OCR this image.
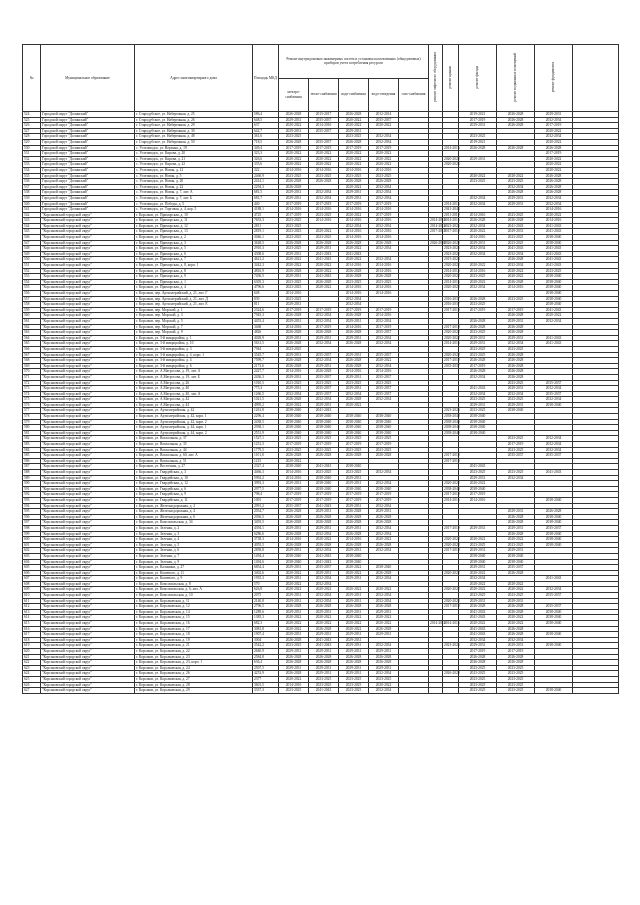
№	Муниципальное образование	Адрес многоквартирного дома	Площадь МКД	Ремонт внутридомовых инженерных систем и установка коллективных (общедомовых) приборов учета потребления ресурсов					ремонт лифтового оборудования	ремонт крыши	ремонт фасада	ремонт подвальных помещений	ремонт фундамента	
				электро-снабжения	тепло-снабжения	водо-снабжения	водо-отведения	газо-снабжения						
524	Городской округ "Долинский"	г. Стародубское, ул. Набережная, д. 25	586,4	2026-2028	2015-2017	2026-2028	2012-2014				2019-2021	2026-2028	2029-2031	
525	Городской округ "Долинский"	г. Стародубское, ул. Набережная, д. 26	648,5	2029-2031	2035-2037	2020-2022	2035-2037				2017-2019	2026-2028	2032-2034	
526	Городской округ "Долинский"	г. Стародубское, ул. Набережная, д. 29	637	2020-2022	2014-2016	2020-2022	2020-2022				2029-2031	2026-2028	2017-2019	
527	Городской округ "Долинский"	г. Стародубское, ул. Набережная, д. 30	642,7	2029-2031	2035-2037	2029-2031							2020-2022	
528	Городской округ "Долинский"	г. Стародубское, ул. Набережная, д. 48	361,6	2023-2025		2023-2025	2032-2034				2023-2025		2032-2034	
529	Городской округ "Долинский"	г. Стародубское, ул. Набережная, д. 50	718,5	2026-2028	2035-2037	2026-2028	2032-2034				2019-2021		2020-2022	
530	Городской округ "Долинский"	с. Углезаводск, ул. Верхняя, д. 19	349,4	2017-2019	2017-2019	2017-2019	2017-2019			2014-2016	2026-2028	2026-2028	2026-2028	
531	Городской округ "Долинский"	с. Углезаводск, ул. Кирова, д. 20	323,3	2020-2022	2020-2022	2020-2022	2020-2022						2017-2019	
532	Городской округ "Долинский"	с. Углезаводск, ул. Кирова, д. 21	326,6	2020-2022	2020-2022	2020-2022	2020-2022			2020-2022	2029-2031		2020-2022	
533	Городской округ "Долинский"	с. Углезаводск, ул. Кирова, д. 22	335,6	2020-2022	2020-2022	2020-2022	2020-2022			2020-2023			2020-2022	
534	Городской округ "Долинский"	с. Углезаводск, ул. Новая, д. 12	322	2014-2016	2014-2016	2014-2016	2014-2016						2020-2022	
535	Городской округ "Долинский"	с. Углезаводск, ул. Новая, д. 5	2460,9	2023-2025	2023-2025	2023-2025	2023-2025				2020-2022	2020-2022	2026-2028	
536	Городской округ "Долинский"	с. Углезаводск, ул. Новая, д. 20	2414,1	2026-2028	2026-2028	2026-2028	2026-2028				2023-2025	2023-2025	2026-2028	
537	Городской округ "Долинский"	с. Углезаводск, ул. Новая, д. 22	2294,3	2026-2028		2020-2022	2032-2034					2032-2034	2026-2028	
538	Городской округ "Долинский"	с. Углезаводск, ул. Новая, д. 7, лит. А	681,5	2029-2031	2032-2034	2029-2031	2032-2034					2026-2028	2026-2028	
539	Городской округ "Долинский"	с. Углезаводск, ул. Новая, д. 7, лит. Б	681,7	2029-2031	2032-2034	2029-2031	2032-2034				2032-2034	2029-2031	2032-2034	
540	Городской округ "Долинский"	с. Углезаводск, ул. Победы, д. 5	440	2017-2019	2017-2019	2017-2019	2017-2019			2014-2016	2032-2034	2029-2031	2032-2034	
541	Городской округ "Долинский"	с. Углезаводск, ул. Торговая, д. 4, кор. 5	4188,1	2014-2016	2014-2016	2014-2016	2014-2016			2041-2043			2014-2016	
542	"Корсаковский городской округ"	г. Корсаков, ул. Приморская, д. 10	4725	2017-2019	2023-2025	2020-2022	2017-2019			2011-2019	2014-2016	2023-2025	2020-2022	
543	"Корсаковский городской округ"	г. Корсаков, ул. Приморская, д. 11	7653,3	2023-2025	2014-2016	2014-2016	2014-2016		2014-2016	2014-2016	2026-2028	2026-2028	2014-2016	
544	"Корсаковский городской округ"	г. Корсаков, ул. Приморская, д. 12	2811	2023-2025		2032-2034	2032-2034		2014-2016	2023-2025	2032-2034	2041-2043	2041-2043	
545	"Корсаковский городской округ"	г. Корсаков, ул. Приморская, д. 13	2819,1	2023-2025	2020-2022	2014-2016	2014-2016		2017-2019	2017-2019	2020-2022	2029-2031	2041-2043	
546	"Корсаковский городской округ"	г. Корсаков, ул. Приморская, д. 2	3046,1	2023-2025	2023-2025	2014-2016	2014-2016				2014-2016	2023-2025	2038-2040	
547	"Корсаковский городской округ"	г. Корсаков, ул. Приморская, д. 3	3628,5	2026-2028	2026-2028	2026-2028	2026-2028		2026-2028	2026-2028	2029-2031	2023-2025	2038-2040	
548	"Корсаковский городской округ"	г. Корсаков, ул. Приморская, д. 5	2910,3	2023-2025	2029-2031	2020-2022	2032-2034			2023-2025	2032-2034	2041-2043	2041-2043	
549	"Корсаковский городской округ"	г. Корсаков, ул. Приморская, д. 6	4308,6	2029-2031	2041-2043	2041-2043				2023-2025	2032-2034	2032-2034	2041-2043	
550	"Корсаковский городской округ"	г. Корсаков, ул. Приморская, д. 7	4621,2	2020-2022	2041-2043	2020-2022	2032-2034			2015-2023		2026-2028	2041-2043	
551	"Корсаковский городской округ"	г. Корсаков, ул. Приморская, д. 8, корп. 1	3442,3	2020-2022	2020-2022	2014-2016	2014-2016			2020-2022	2020-2022	2032-2034	2041-2043	
552	"Корсаковский городской округ"	г. Корсаков, ул. Приморская, д. 8	4816,9	2026-2028	2020-2022	2026-2028	2014-2016			2014-2016	2014-2016	2020-2022	2023-2025	
553	"Корсаковский городской округ"	г. Корсаков, ул. Приморская, д. 9	7456,5	2029-2031	2041-2043	2026-2028	2026-2028			2020-2022	2023-2025	2020-2022	2038-2040	
554	"Корсаковский городской округ"	г. Корсаков, ул. Приморская, д. 1	6305,3	2023-2025	2026-2028	2023-2025	2023-2025			2014-2016	2020-2022	2026-2028	2038-2040	
555	"Корсаковский городской округ"	г. Корсаков, ул. Приморская, д. 4	4796,6	2023-2025	2020-2022	2014-2016	2014-2016			2020-2022	2032-2034	2014-2016	2038-2040	
556	"Корсаковский городской округ"	г. Корсаков, пер. Артиллерийский, д. 21, лит. Г	648	2014-2016		2014-2016	2014-2016						2038-2040	
557	"Корсаковский городской округ"	г. Корсаков, пер. Артиллерийский, д. 21, лит. Д	839	2023-2025		2032-2034				2016-2037	2026-2028	2023-2025	2038-2040	
558	"Корсаковский городской округ"	г. Корсаков, пер. Артиллерийский, д. 21, лит. Е	811	2029-2031		2032-2034				2016-2037	2023-2025		2038-2040	
559	"Корсаковский городской округ"	г. Корсаков, пер. Морской, д. 1	2324,6	2017-2019	2017-2019	2017-2019	2017-2019			2017-2019	2017-2019	2017-2019	2041-2043	
560	"Корсаковский городской округ"	г. Корсаков, пер. Морской, д. 3	7945,3	2026-2028	2032-2034	2026-2028	2014-2016					2026-2028	2020-2022	
561	"Корсаковский городской округ"	г. Корсаков, пер. Морской, д. 5	4453,4	2029-2031	2032-2034	2029-2031	2032-2034				2026-2028	2029-2031	2032-2034	
562	"Корсаковский городской округ"	г. Корсаков, пер. Морской, д. 7	3468	2014-2016	2017-2019	2014-2016	2017-2019			2017-2019	2026-2028	2026-2028		
563	"Корсаковский городской округ"	г. Корсаков, пер. Морской, д. 9	4826	2026-2028	2026-2028	2026-2028	2035-2037			2020-2022	2023-2025	2026-2028		
564	"Корсаковский городской округ"	г. Корсаков, ул. 3-й микрорайон, д. 1	4028,9	2029-2031	2029-2031	2029-2031	2032-2034			2020-2022	2029-2031	2029-2031	2041-2043	
565	"Корсаковский городской округ"	г. Корсаков, ул. 3-й микрорайон, д. 10	5631,5	2026-2028	2032-2034	2026-2028	2032-2034			2014-2016	2029-2031	2032-2034	2041-2043	
566	"Корсаковский городской округ"	г. Корсаков, ул. 3-й микрорайон, д. 3	7944	2023-2025							2023-2025	2023-2025		
567	"Корсаковский городской округ"	г. Корсаков, ул. 3-й микрорайон, д. 4, корп. 1	3545,7	2029-2031	2035-2037	2029-2031	2035-2037			2020-2022	2023-2025	2026-2028		
568	"Корсаковский городской округ"	г. Корсаков, ул. 3-й микрорайон, д. 4	7599,7	2026-2028	2032-2034	2026-2028	2020-2022			2017-2019	2026-2028	2026-2028		
569	"Корсаковский городской округ"	г. Корсаков, ул. 3-й микрорайон, д. 6	2173,6	2026-2028	2029-2031	2026-2028	2032-2034			2035-2037	2017-2019	2026-2028		
570	"Корсаковский городской округ"	г. Корсаков, ул. А.Матросова, д. 19, лит. А	2427,7	2014-2016	2026-2028	2014-2016	2014-2016				2026-2028	2026-2028		
571	"Корсаковский городской округ"	г. Корсаков, ул. А.Матросова, д. 19, лит. Б	2436,3	2029-2031	2035-2037	2029-2031	2035-2037				2032-2034	2026-2028		
572	"Корсаковский городской округ"	г. Корсаков, ул. А.Матросова, д. 26	1010,5	2023-2025	2023-2025	2023-2025	2023-2025					2023-2025	2035-2037	
573	"Корсаковский городской округ"	г. Корсаков, ул. А.Матросова, д. 40	775,3	2029-2031	2035-2037	2029-2031	2035-2037				2041-2043	2029-2031	2032-2034	
574	"Корсаковский городской округ"	г. Корсаков, ул. А.Матросова, д. 40, лит. А	1266,5	2032-2034	2035-2037	2032-2034	2035-2037				2032-2034	2032-2034	2035-2037	
575	"Корсаковский городской округ"	г. Корсаков, ул. А.Матросова, д. 42	1021,5	2026-2028	2032-2034	2026-2028	2032-2034				2023-2025	2023-2025	2032-2034	
576	"Корсаковский городской округ"	г. Корсаков, ул. А.Матросова, д. 44	4995,2	2020-2022	2029-2031	2020-2022					2029-2031	2029-2031	2038-2040	
577	"Корсаковский городской округ"	г. Корсаков, ул. Артиллерийская, д. 42	1261,8	2038-2040	2041-2043					2023-2026	2023-2025	2038-2040		
578	"Корсаковский городской округ"	г. Корсаков, ул. Артиллерийская, д. 42, корп. 1	2296,4	2038-2040	2038-2040	2038-2040	2038-2040			2038-2040	2038-2040			
579	"Корсаковский городской округ"	г. Корсаков, ул. Артиллерийская, д. 42, корп. 2	2438,5	2038-2040	2038-2040	2038-2040	2038-2040			2038-2040	2038-2040			
580	"Корсаковский городской округ"	г. Корсаков, ул. Артиллерийская, д. 44, корп. 1	2938,1	2038-2040	2038-2040	2038-2040	2038-2040			2038-2040	2038-2040			
581	"Корсаковский городской округ"	г. Корсаков, ул. Артиллерийская, д. 44, корп. 2	2551,9	2038-2040	2038-2040	2038-2040	2038-2040			2038-2040	2038-2040			
582	"Корсаковский городской округ"	г. Корсаков, ул. Вокзальная, д. 37	1527,1	2023-2025	2023-2025	2023-2025	2023-2025					2023-2025	2032-2034	
583	"Корсаковский городской округ"	г. Корсаков, ул. Вокзальная, д. 35	1231,3	2017-2019	2017-2019	2017-2019	2017-2019					2017-2019	2032-2034	
584	"Корсаковский городской округ"	г. Корсаков, ул. Вокзальная, д. 44	1779,5	2023-2025	2023-2025	2023-2025	2023-2025					2023-2025	2032-2034	
585	"Корсаковский городской округ"	г. Корсаков, ул. Вокзальная, д. 60, лит. А	1101,8	2026-2028	2026-2028	2026-2028	2026-2028			2017-2019		2035-2037	2035-2037	
586	"Корсаковский городской округ"	г. Корсаков, ул. Вокзальная, д. 51	1215	2020-2022						2017-2019				
587	"Корсаковский городской округ"	г. Корсаков, ул. Восточная, д. 27	2327,4	2038-2040	2041-2043	2038-2040					2041-2043			
588	"Корсаковский городской округ"	г. Корсаков, ул. Гвардейская, д. 3	4466,3	2014-2016	2023-2025	2023-2025	2032-2034				2023-2025	2023-2025	2041-2043	
589	"Корсаковский городской округ"	г. Корсаков, ул. Гвардейская, д. 10	5992,2	2014-2016	2038-2040	2029-2031					2029-2031	2032-2034		
590	"Корсаковский городской округ"	г. Корсаков, ул. Гвардейская, д. 12	3993,3	2029-2031	2038-2040	2029-2031	2032-2034			2020-2022	2020-2022			
591	"Корсаковский городской округ"	г. Корсаков, ул. Гвардейская, д. 6	2977,5	2038-2040	2038-2040	2038-2040	2038-2040			2038-2040	2038-2040			
592	"Корсаковский городской округ"	г. Корсаков, ул. Гвардейская, д. 9	798,4	2017-2019	2017-2019	2017-2019	2017-2019			2017-2019	2017-2019			
593	"Корсаковский городской округ"	г. Корсаков, ул. Гвардейская, д. 11	1091	2017-2019	2017-2019	2017-2019	2017-2019			2014-2016	2014-2016		2038-2040	
594	"Корсаковский городской округ"	г. Корсаков, ул. Железнодорожная, д. 2	2991,2	2035-2037	2041-2043	2029-2031	2032-2034							
595	"Корсаковский городской округ"	г. Корсаков, ул. Железнодорожная, д. 4	2034,7	2026-2028	2029-2031	2026-2028	2029-2031					2029-2031	2026-2028	
596	"Корсаковский городской округ"	г. Корсаков, ул. Железнодорожная, д. 6	2036,5	2026-2028	2026-2028	2026-2028	2026-2028					2026-2028	2038-2040	
597	"Корсаковский городской округ"	г. Корсаков, ул. Комсомольская, д. 34	3493,5	2026-2028	2026-2028	2026-2028	2026-2028					2026-2028	2038-2040	
598	"Корсаковский городской округ"	г. Корсаков, ул. Зеленая, д. 2	4394,1	2029-2031	2029-2031	2029-2031	2032-2034			2017-2019	2029-2031	2029-2031	2035-2037	
599	"Корсаковский городской округ"	г. Корсаков, ул. Зеленая, д. 3	6286,6	2026-2028	2032-2034	2026-2028	2032-2034					2026-2028	2038-2040	
600	"Корсаковский городской округ"	г. Корсаков, ул. Зеленая, д. 4	3738,3	2014-2016	2020-2022	2014-2016	2020-2022			2020-2022	2020-2022	2020-2022	2038-2040	
601	"Корсаковский городской округ"	г. Корсаков, ул. Зеленая, д. 5	4055,5	2026-2028	2026-2028	2026-2028	2026-2028			2020-2022	2023-2025	2023-2025	2038-2040	
602	"Корсаковский городской округ"	г. Корсаков, ул. Зеленая, д. 6	2858,8	2029-2031	2032-2034	2029-2031	2032-2034			2017-2019	2029-2031	2029-2031		
603	"Корсаковский городской округ"	г. Корсаков, ул. Зеленая, д. 7	1494,4	2038-2040	2041-2043	2038-2040					2038-2040	2038-2040		
604	"Корсаковский городской округ"	г. Корсаков, ул. Зеленая, д. 9	1494,6	2038-2040	2041-2043	2038-2040					2038-2040	2038-2040		
605	"Корсаковский городской округ"	г. Корсаков, ул. Калинина, д. 27	6854,4	2029-2031	2035-2037	2020-2022	2038-2040				2029-2031	2035-2037		
606	"Корсаковский городской округ"	г. Корсаков, ул. Кошевого, д. 11	3402,6	2020-2022	2029-2031	2020-2022	2026-2028			2020-2022	2020-2022	2026-2028		
607	"Корсаковский городской округ"	г. Корсаков, ул. Кошевого, д. 9	1935,3	2029-2031	2032-2034	2029-2031	2032-2034				2032-2034		2041-2043	
608	"Корсаковский городской округ"	г. Корсаков, ул. Комсомольская, д. 8	570	2020-2022	2032-2034						2020-2022	2020-2022		
609	"Корсаковский городской округ"	г. Корсаков, ул. Комсомольская, д. 6, лит. А	626,8	2020-2022	2020-2022	2020-2022	2020-2022			2020-2022	2020-2022	2020-2022	2032-2034	
610	"Корсаковский городской округ"	г. Корсаков, ул. Комсомольская, д. 10	2075	2029-2031	2032-2034	2029-2031	2032-2034				2023-2025	2023-2025	2035-2037	
611	"Корсаковский городской округ"	г. Корсаков, ул. Корсаковская, д. 11	2140,8	2029-2031	2032-2034	2029-2031	2032-2034			2020-2022	2029-2031	2029-2031		
612	"Корсаковский городской округ"	г. Корсаков, ул. Корсаковская, д. 12	2796,5	2026-2028	2026-2028	2026-2028	2026-2028			2017-2019	2026-2028	2026-2028	2035-2037	
613	"Корсаковский городской округ"	г. Корсаков, ул. Корсаковская, д. 14	1289,6	2029-2031	2029-2031	2029-2031	2029-2031				2041-2043	2026-2028	2038-2040	
614	"Корсаковский городской округ"	г. Корсаков, ул. Корсаковская, д. 15	1385,3	2020-2022	2020-2022	2020-2022	2020-2022				2041-2043	2020-2022	2038-2040	
615	"Корсаковский городской округ"	г. Корсаков, ул. Корсаковская, д. 16	682,3	2020-2022	2020-2022	2020-2022	2020-2022		2014-2016	2014-2016	2020-2022	2020-2022	2038-2040	
616	"Корсаковский городской округ"	г. Корсаков, ул. Корсаковская, д. 17	3081,8	2020-2022	2026-2028	2020-2022	2026-2028				2041-2043	2026-2028		
617	"Корсаковский городской округ"	г. Корсаков, ул. Корсаковская, д. 18	1907,4	2029-2031	2029-2031	2029-2031	2029-2031				2041-2043	2026-2028	2038-2040	
618	"Корсаковский городской округ"	г. Корсаков, ул. Корсаковская, д. 19	3004	2026-2028	2041-2043	2029-2031					2032-2034	2032-2034		
619	"Корсаковский городской округ"	г. Корсаков, ул. Корсаковская, д. 21	3542,2	2023-2025	2041-2043	2029-2031	2032-2034			2023-2025	2029-2031	2029-2031	2038-2040	
620	"Корсаковский городской округ"	г. Корсаков, ул. Корсаковская, д. 22	2640,9	2029-2031	2029-2031	2029-2031	2029-2031				2017-2019	2017-2019		
621	"Корсаковский городской округ"	г. Корсаков, ул. Корсаковская, д. 23	2584,8	2026-2028	2026-2028	2026-2028	2026-2028				2026-2028	2026-2028		
622	"Корсаковский городской округ"	г. Корсаков, ул. Корсаковская, д. 23, корп. 1	636,4	2026-2028	2026-2028	2026-2028	2026-2028				2026-2028	2026-2028		
623	"Корсаковский городской округ"	г. Корсаков, ул. Корсаковская, д. 24	2507,5	2029-2031	2029-2031	2029-2031	2029-2031				2023-2025	2023-2025		
624	"Корсаковский городской округ"	г. Корсаков, ул. Корсаковская, д. 26	4253,9	2026-2028	2029-2031	2029-2031	2032-2034			2026-2028	2023-2025	2023-2025		
625	"Корсаковский городской округ"	г. Корсаков, ул. Корсаковская, д. 27	2377	2020-2022	2023-2025	2023-2025	2023-2025				2023-2025	2023-2025		
626	"Корсаковский городской округ"	г. Корсаков, ул. Корсаковская, д. 28	3601,5	2014-2016	2023-2025	2023-2025	2020-2022				2023-2025	2023-2025		
627	"Корсаковский городской округ"	г. Корсаков, ул. Корсаковская, д. 29	3337,3	2023-2025	2041-2043	2023-2025	2032-2034				2023-2025	2023-2025	2038-2040	
